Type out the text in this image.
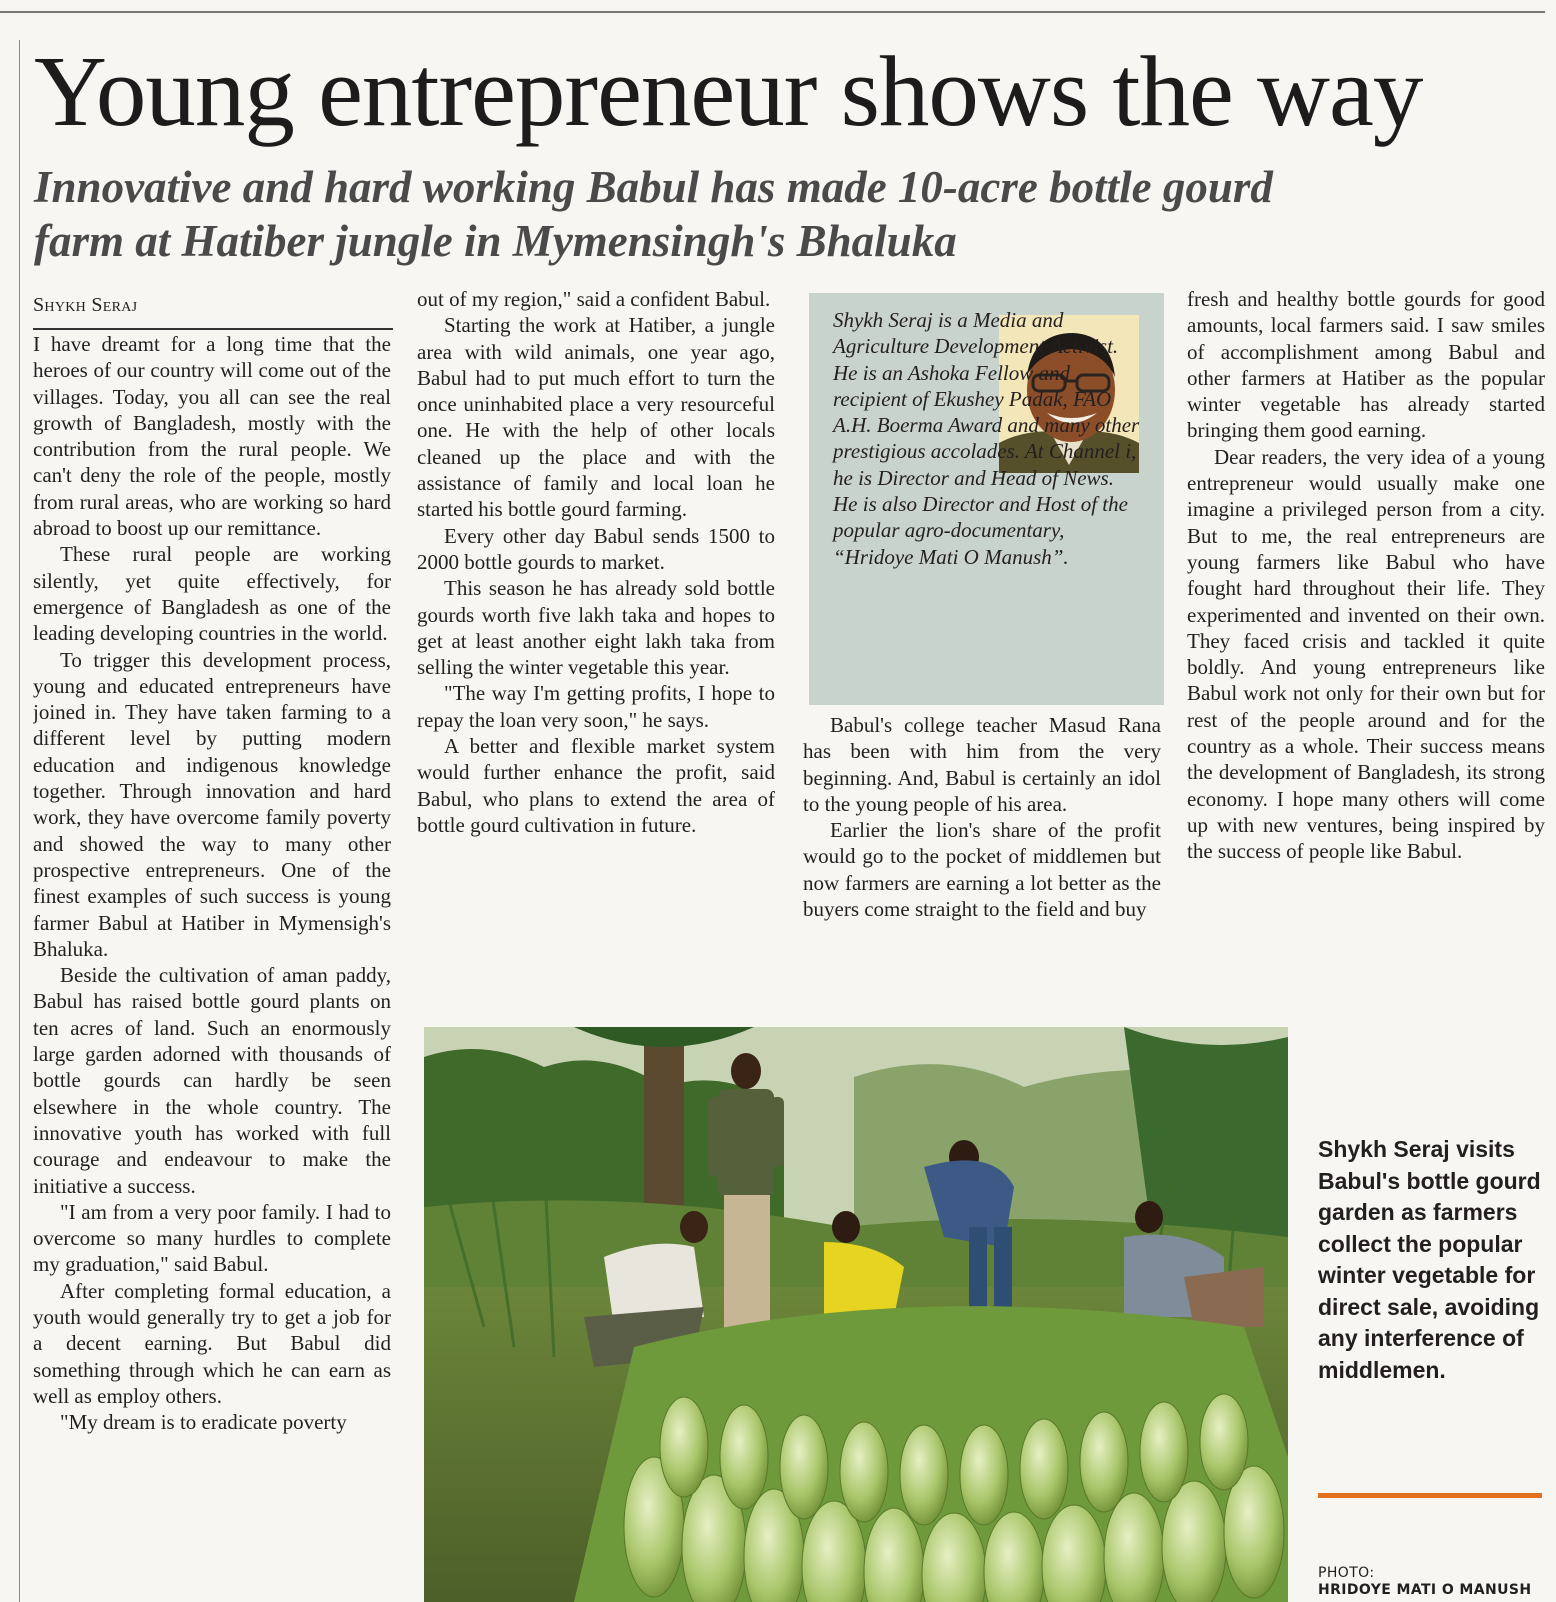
Young entrepreneur shows the way
Innovative and hard working Babul has made 10-acre bottle gourd
farm at Hatiber jungle in Mymensingh's Bhaluka
Shykh Seraj

I have dreamt for a long time that the heroes of our country will come out of the villages. Today, you all can see the real growth of Bangladesh, mostly with the contribution from the rural people. We can't deny the role of the people, mostly from rural areas, who are working so hard abroad to boost up our remittance.

These rural people are working silently, yet quite effectively, for emergence of Bangladesh as one of the leading developing countries in the world.

To trigger this development process, young and educated entrepreneurs have joined in. They have taken farming to a different level by putting modern education and indigenous knowledge together. Through innovation and hard work, they have overcome family poverty and showed the way to many other prospective entrepreneurs. One of the finest examples of such success is young farmer Babul at Hatiber in Mymensigh's Bhaluka.

Beside the cultivation of aman paddy, Babul has raised bottle gourd plants on ten acres of land. Such an enormously large garden adorned with thousands of bottle gourds can hardly be seen elsewhere in the whole country. The innovative youth has worked with full courage and endeavour to make the initiative a success.

"I am from a very poor family. I had to overcome so many hurdles to complete my graduation," said Babul.

After completing formal education, a youth would generally try to get a job for a decent earning. But Babul did something through which he can earn as well as employ others.

"My dream is to eradicate poverty

out of my region," said a confident Babul.

Starting the work at Hatiber, a jungle area with wild animals, one year ago, Babul had to put much effort to turn the once uninhabited place a very resourceful one. He with the help of other locals cleaned up the place and with the assistance of family and local loan he started his bottle gourd farming.

Every other day Babul sends 1500 to 2000 bottle gourds to market.

This season he has already sold bottle gourds worth five lakh taka and hopes to get at least another eight lakh taka from selling the winter vegetable this year.

"The way I'm getting profits, I hope to repay the loan very soon," he says.

A better and flexible market system would further enhance the profit, said Babul, who plans to extend the area of bottle gourd cultivation in future.

Shykh Seraj is a Media and Agriculture Development Activist. He is an Ashoka Fellow and recipient of Ekushey Padak, FAO A.H. Boerma Award and many other prestigious accolades. At Channel i, he is Director and Head of News. He is also Director and Host of the popular agro-documentary, “Hridoye Mati O Manush”.

Babul's college teacher Masud Rana has been with him from the very beginning. And, Babul is certainly an idol to the young people of his area.

Earlier the lion's share of the profit would go to the pocket of middlemen but now farmers are earning a lot better as the buyers come straight to the field and buy

fresh and healthy bottle gourds for good amounts, local farmers said. I saw smiles of accomplishment among Babul and other farmers at Hatiber as the popular winter vegetable has already started bringing them good earning.

Dear readers, the very idea of a young entrepreneur would usually make one imagine a privileged person from a city. But to me, the real entrepreneurs are young farmers like Babul who have fought hard throughout their life. They experimented and invented on their own. They faced crisis and tackled it quite boldly. And young entrepreneurs like Babul work not only for their own but for rest of the people around and for the country as a whole. Their success means the development of Bangladesh, its strong economy. I hope many others will come up with new ventures, being inspired by the success of people like Babul.

Shykh Seraj visits Babul's bottle gourd garden as farmers collect the popular winter vegetable for direct sale, avoiding any interference of middlemen.
PHOTO:
HRIDOYE MATI O MANUSH
